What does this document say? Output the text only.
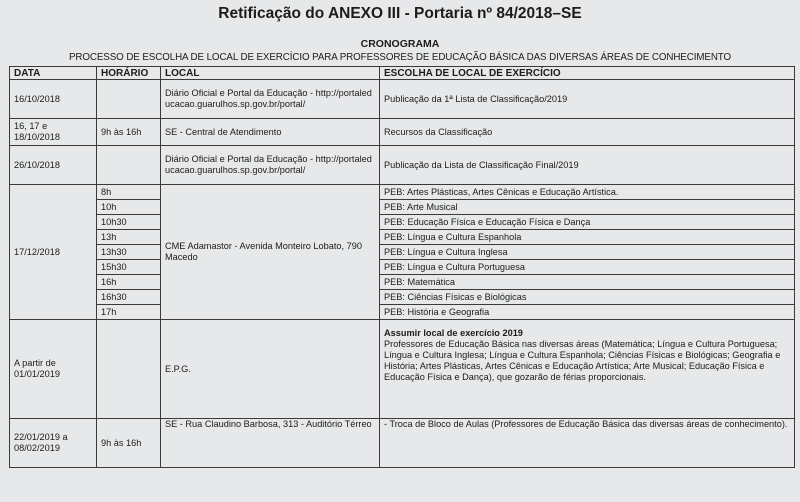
Retificação do ANEXO III - Portaria nº 84/2018–SE
CRONOGRAMA
PROCESSO DE ESCOLHA DE LOCAL DE EXERCÍCIO PARA PROFESSORES DE EDUCAÇÃO BÁSICA DAS DIVERSAS ÁREAS DE CONHECIMENTO
DATA	HORÁRIO	LOCAL	ESCOLHA DE LOCAL DE EXERCÍCIO
16/10/2018		Diário Oficial e Portal da Educação - http://portaleducacao.guarulhos.sp.gov.br/portal/	Publicação da 1ª Lista de Classificação/2019
16, 17 e 18/10/2018	9h às 16h	SE - Central de Atendimento	Recursos da Classificação
26/10/2018		Diário Oficial e Portal da Educação - http://portaleducacao.guarulhos.sp.gov.br/portal/	Publicação da Lista de Classificação Final/2019
17/12/2018	8h	CME Adamastor - Avenida Monteiro Lobato, 790 Macedo	PEB: Artes Plásticas, Artes Cênicas e Educação Artística.
	10h		PEB: Arte Musical
	10h30		PEB: Educação Física e Educação Física e Dança
	13h		PEB: Língua e Cultura Espanhola
	13h30		PEB: Língua e Cultura Inglesa
	15h30		PEB: Língua e Cultura Portuguesa
	16h		PEB: Matemática
	16h30		PEB: Ciências Físicas e Biológicas
	17h		PEB: História e Geografia
A partir de 01/01/2019		E.P.G.	Assumir local de exercício 2019
Professores de Educação Básica nas diversas áreas (Matemática; Língua e Cultura Portuguesa; Língua e Cultura Inglesa; Língua e Cultura Espanhola; Ciências Físicas e Biológicas; Geografia e História; Artes Plásticas, Artes Cênicas e Educação Artística; Arte Musical; Educação Física e Educação Física e Dança), que gozarão de férias proporcionais.

22/01/2019 a 08/02/2019	9h às 16h	SE - Rua Claudino Barbosa, 313 - Auditório Térreo	- Troca de Bloco de Aulas (Professores de Educação Básica das diversas áreas de conhecimento).
